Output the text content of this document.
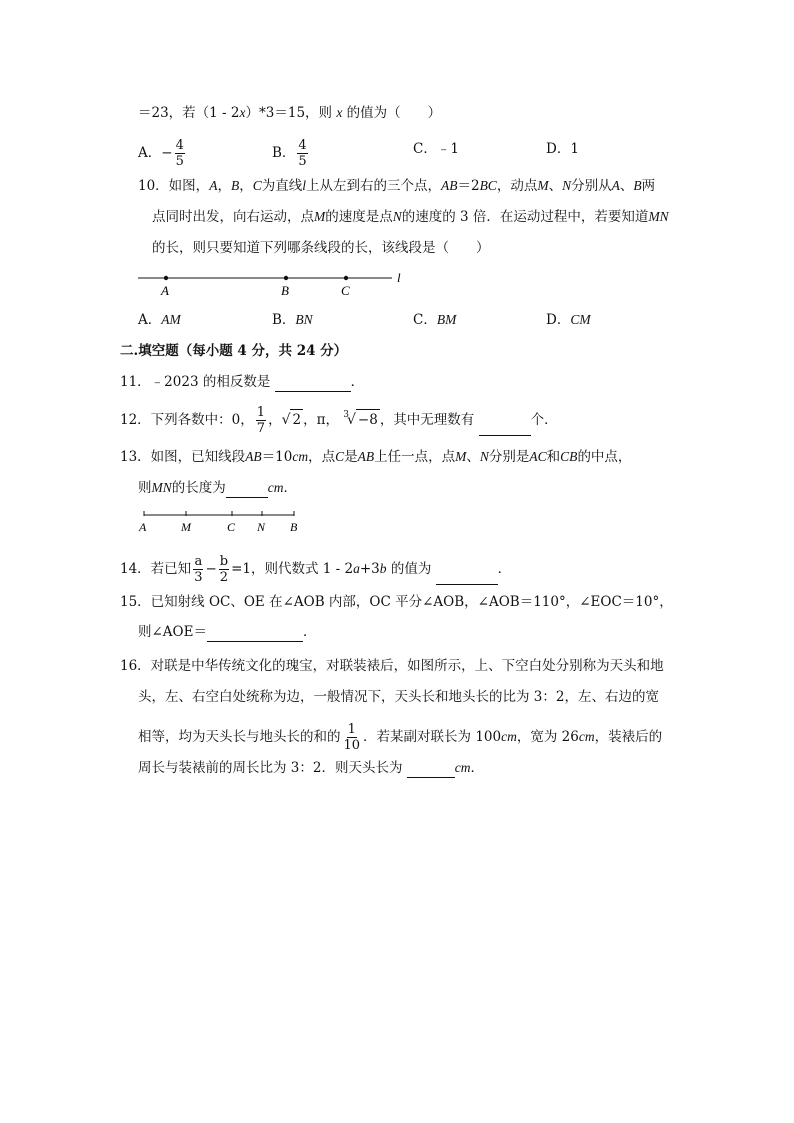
＝23，若（1 - 2x）*3＝15，则 x 的值为（　　）
A．− $\frac{4}{5}$	B． $\frac{4}{5}$	C．﹣1	D．1
10．如图，A，B，C为直线l上从左到右的三个点，AB＝2BC，动点M、N分别从A、B两
点同时出发，向右运动，点M的速度是点N的速度的 3 倍．在运动过程中，若要知道MN
的长，则只要知道下列哪条线段的长，该线段是（　　）
A	B	C
l
A．AM	B．BN	C．BM	D．CM
二.填空题（每小题 4 分，共 24 分）
11．﹣2023 的相反数是	．
12．下列各数中：0， $\frac{1}{7}$ ，√ 2 ，π， $^3$√ −8 ，其中无理数有	个．
13．如图，已知线段AB＝10cm，点C是AB上任一点，点M、N分别是AC和CB的中点，
则MN的长度为	cm．
A	M	C N B
14．若已知 $\frac{a}{3} - \frac{b}{2} =1$，则代数式 1 - 2a+3b 的值为	．
15．已知射线 OC、OE 在∠AOB 内部，OC 平分∠AOB，∠AOB＝110°，∠EOC＝10°，
则∠AOE＝	．
16．对联是中华传统文化的瑰宝，对联装裱后，如图所示，上、下空白处分别称为天头和地
头，左、右空白处统称为边，一般情况下，天头长和地头长的比为 3：2，左、右边的宽
相等，均为天头长与地头长的和的 $\frac{1}{10}$ ．若某副对联长为 100cm，宽为 26cm，装裱后的
周长与装裱前的周长比为 3：2．则天头长为	cm．
